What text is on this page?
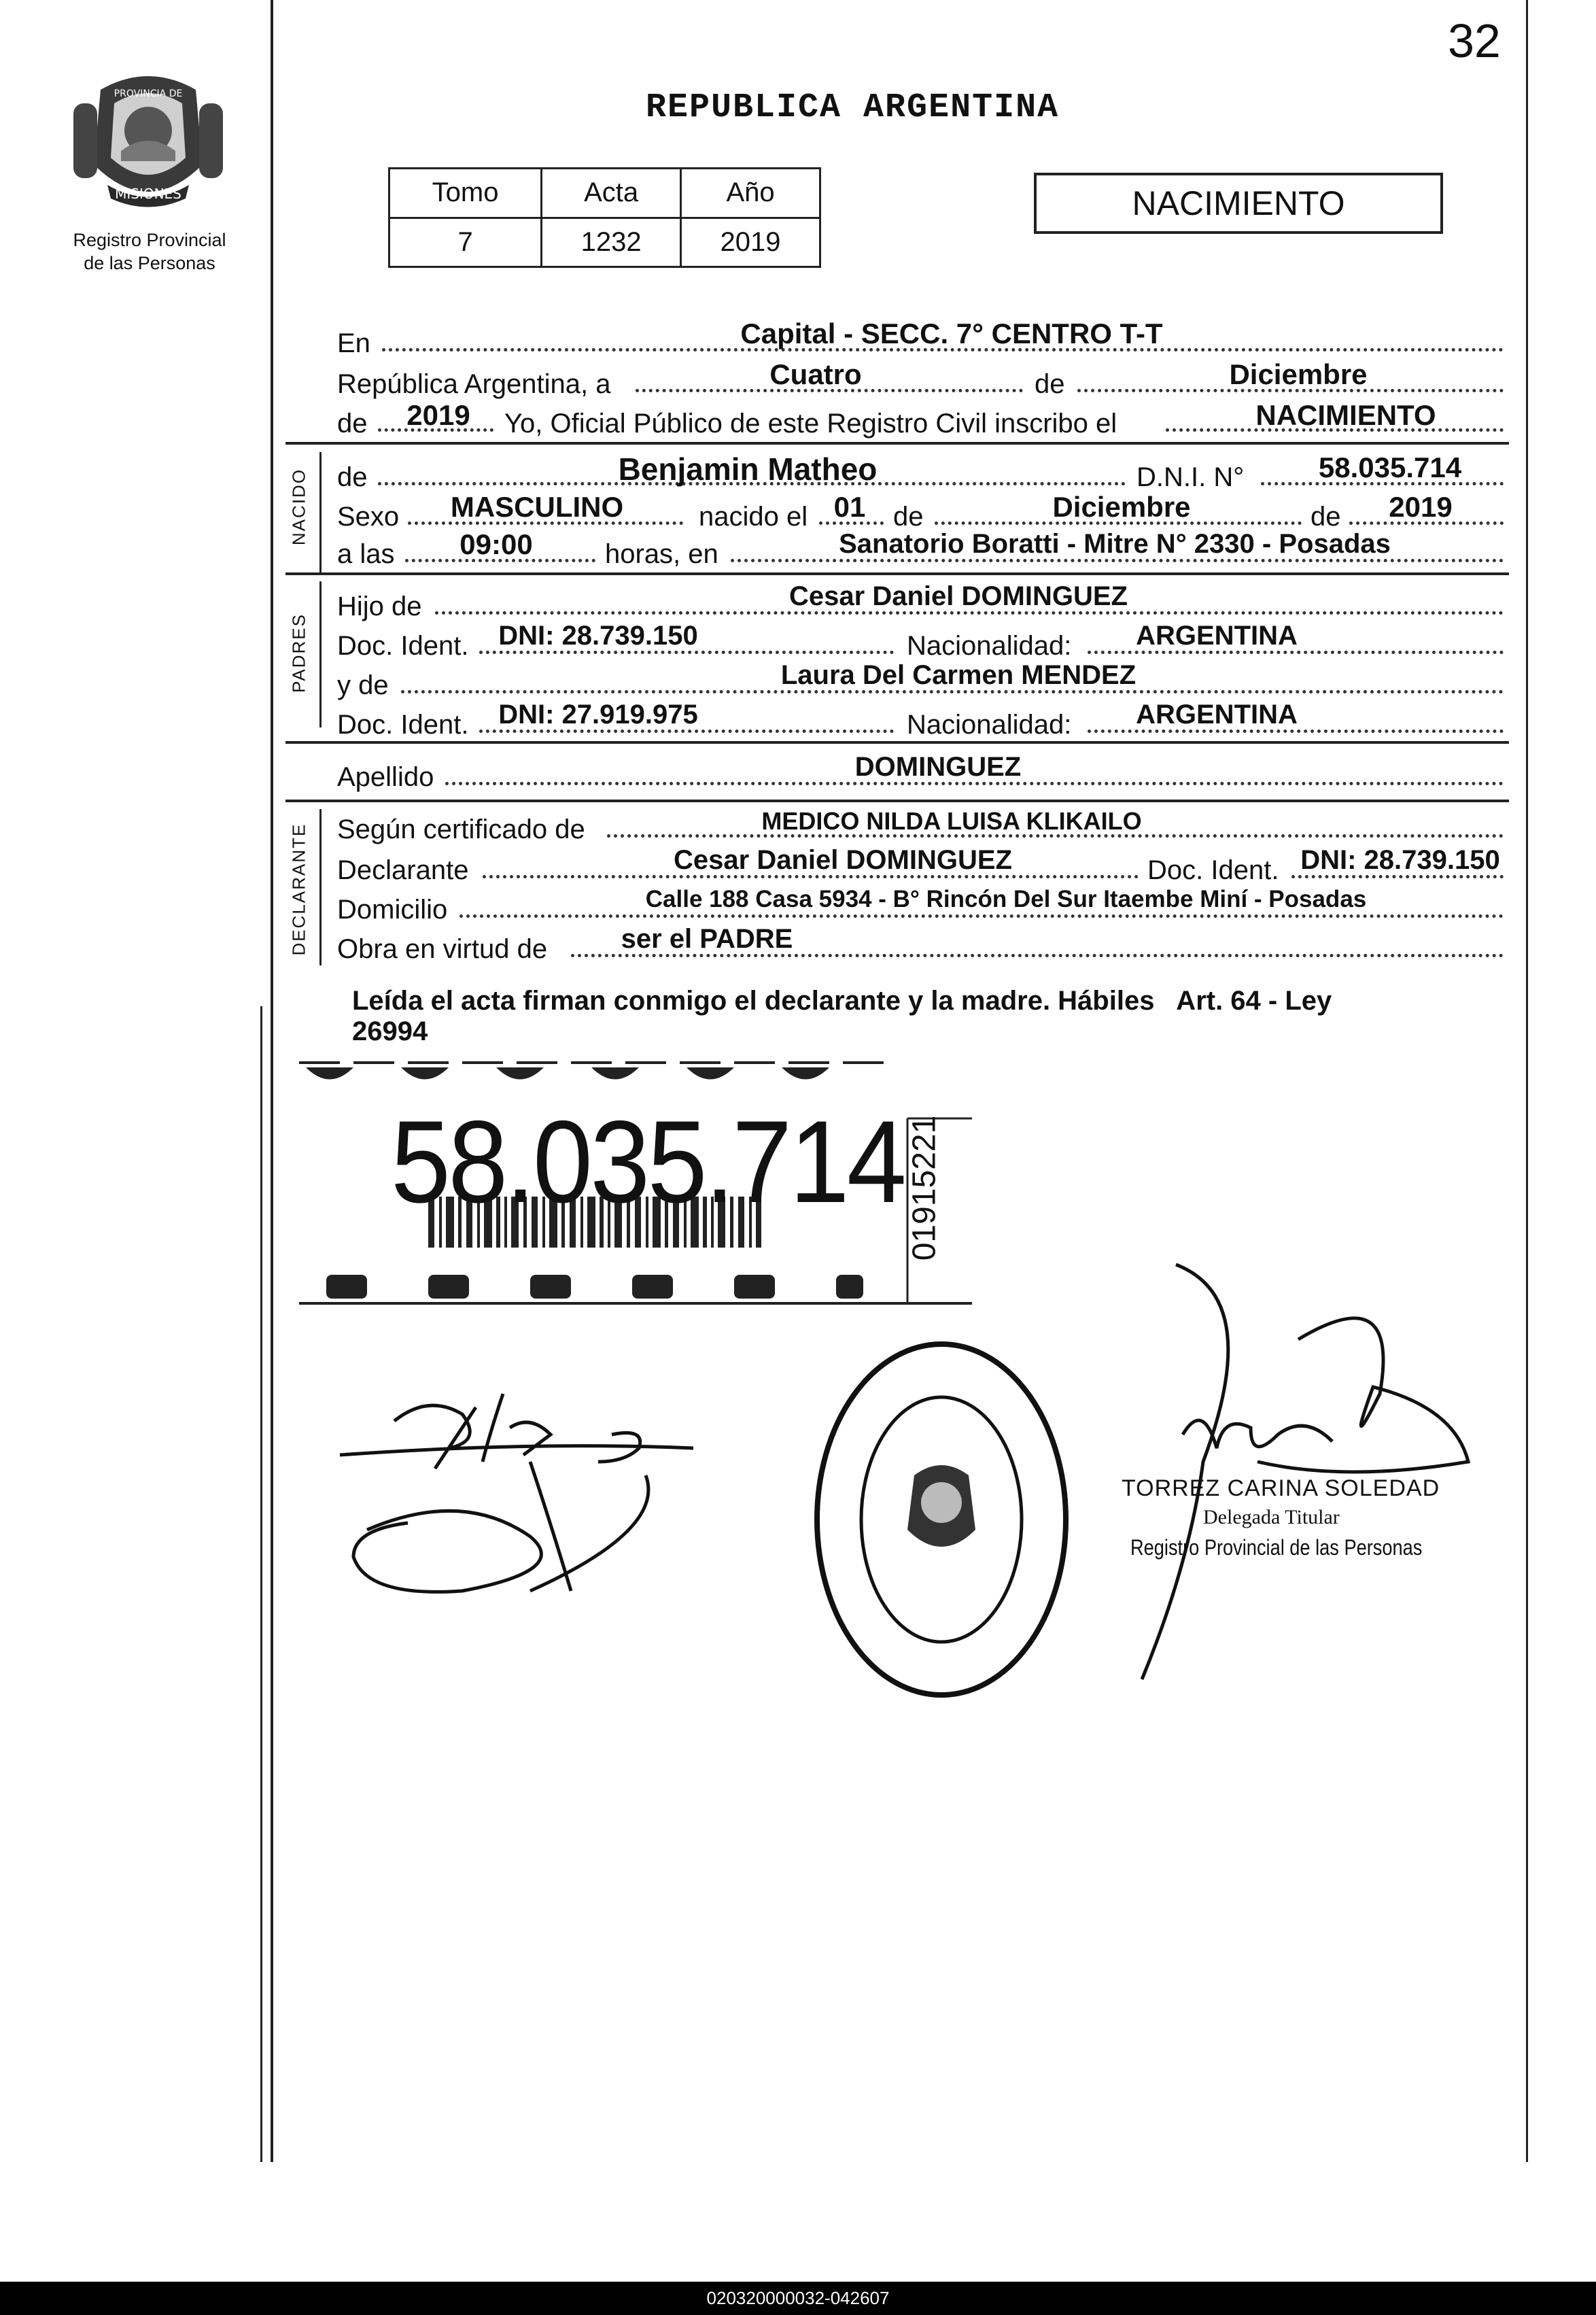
32
MISIONES
PROVINCIA DE
Registro Provincial
de las Personas
REPUBLICA ARGENTINA
Tomo	Acta	Año
7	1232	2019
NACIMIENTO
En	Capital - SECC. 7° CENTRO T-T
República Argentina, a	Cuatro	de	Diciembre
de	2019	Yo, Oficial Público de este Registro Civil inscribo el	NACIMIENTO
NACIDO de	Benjamin Matheo	D.N.I. N°	58.035.714
Sexo	MASCULINO	nacido el 01	de	Diciembre	de	2019
a las	09:00	horas, en	Sanatorio Boratti - Mitre N° 2330 - Posadas
PADRES
Hijo de	Cesar Daniel DOMINGUEZ
Doc. Ident.	DNI: 28.739.150	Nacionalidad:	ARGENTINA
y de	Laura Del Carmen MENDEZ
Doc. Ident.	DNI: 27.919.975	Nacionalidad:	ARGENTINA
Apellido	DOMINGUEZ
DECLARANTE Según certificado de	MEDICO NILDA LUISA KLIKAILO
Declarante	Cesar Daniel DOMINGUEZ	Doc. Ident. DNI: 28.739.150
Domicilio	Calle 188 Casa 5934 - B° Rincón Del Sur Itaembe Miní - Posadas
Obra en virtud de	ser el PADRE
Leída el acta firman conmigo el declarante y la madre. Hábiles   Art. 64 - Ley
26994
58.035.714 01915221
TORREZ CARINA SOLEDAD
Delegada Titular
Registro Provincial de las Personas
020320000032-042607
